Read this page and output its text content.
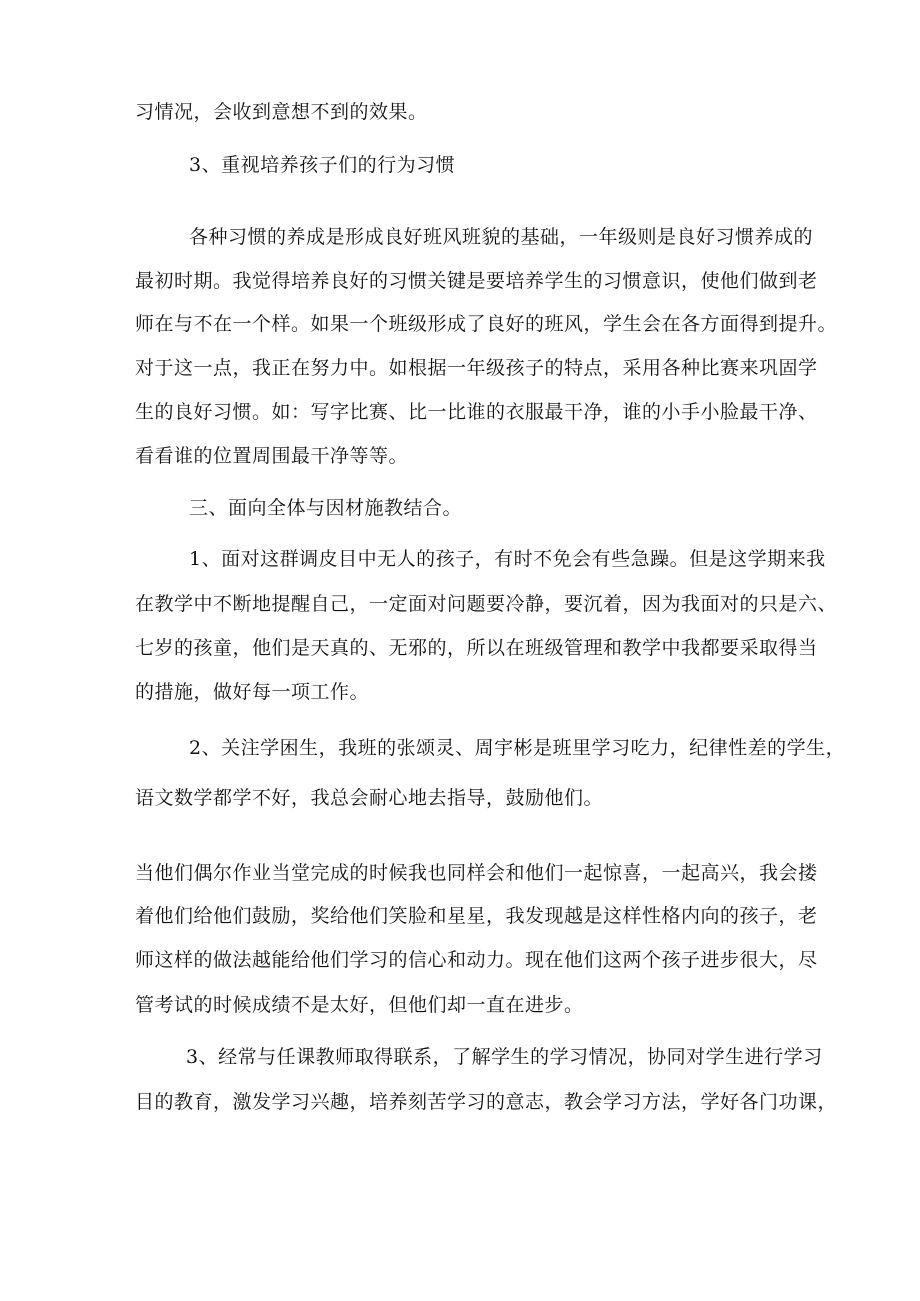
习情况，会收到意想不到的效果。
3、重视培养孩子们的行为习惯
各种习惯的养成是形成良好班风班貌的基础，一年级则是良好习惯养成的
最初时期。我觉得培养良好的习惯关键是要培养学生的习惯意识，使他们做到老
师在与不在一个样。如果一个班级形成了良好的班风，学生会在各方面得到提升。
对于这一点，我正在努力中。如根据一年级孩子的特点，采用各种比赛来巩固学
生的良好习惯。如：写字比赛、比一比谁的衣服最干净，谁的小手小脸最干净、
看看谁的位置周围最干净等等。
三、面向全体与因材施教结合。
1、面对这群调皮目中无人的孩子，有时不免会有些急躁。但是这学期来我
在教学中不断地提醒自己，一定面对问题要冷静，要沉着，因为我面对的只是六、
七岁的孩童，他们是天真的、无邪的，所以在班级管理和教学中我都要采取得当
的措施，做好每一项工作。
2、关注学困生，我班的张颂灵、周宇彬是班里学习吃力，纪律性差的学生，
语文数学都学不好，我总会耐心地去指导，鼓励他们。
当他们偶尔作业当堂完成的时候我也同样会和他们一起惊喜，一起高兴，我会搂
着他们给他们鼓励，奖给他们笑脸和星星，我发现越是这样性格内向的孩子，老
师这样的做法越能给他们学习的信心和动力。现在他们这两个孩子进步很大，尽
管考试的时候成绩不是太好，但他们却一直在进步。
3、经常与任课教师取得联系，了解学生的学习情况，协同对学生进行学习
目的教育，激发学习兴趣，培养刻苦学习的意志，教会学习方法，学好各门功课，
